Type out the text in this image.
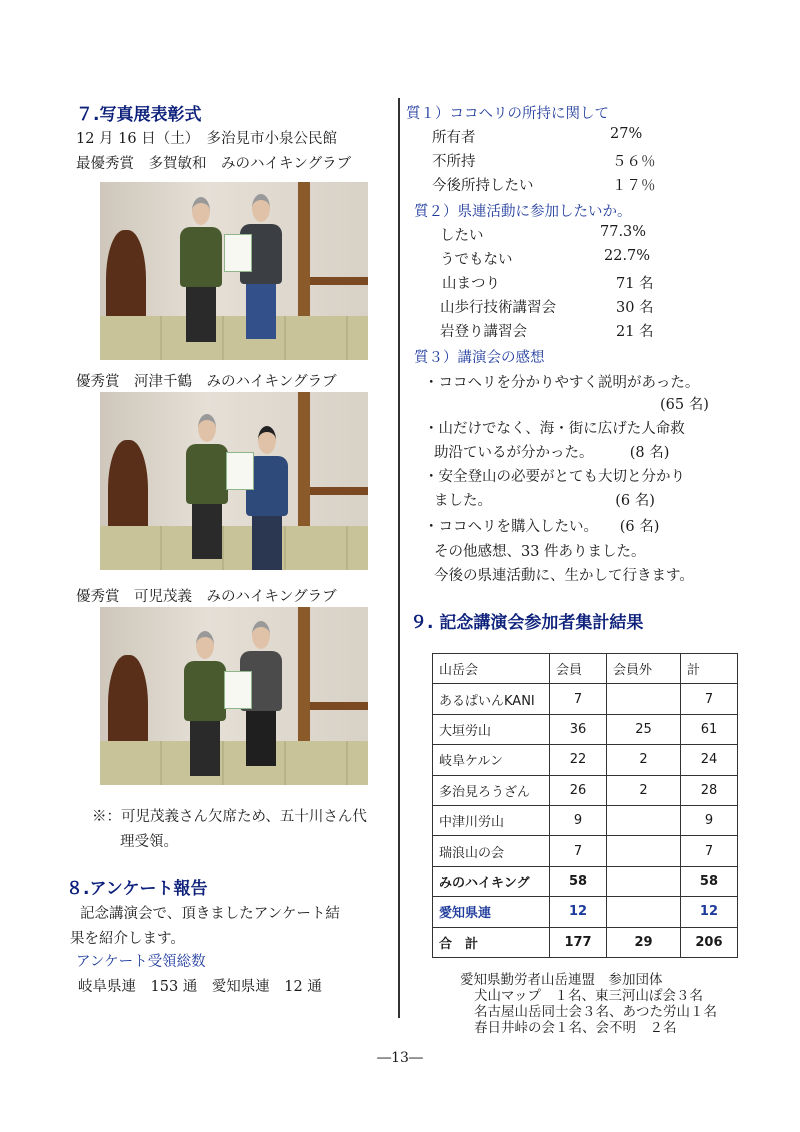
７.写真展表彰式
12 月 16 日（土）　多治見市小泉公民館
最優秀賞　多賀敏和　みのハイキングラブ
優秀賞　河津千鶴　みのハイキングラブ
優秀賞　可児茂義　みのハイキングラブ
※：可児茂義さん欠席ため、五十川さん代
理受領。
８.アンケート報告
記念講演会で、頂きましたアンケート結
果を紹介します。
アンケート受領総数
岐阜県連　153 通　愛知県連　12 通
質１）ココヘリの所持に関して
所有者	27%
不所持	５６％
今後所持したい	１７％
質２）県連活動に参加したいか。
したい	77.3%
うでもない	22.7%
山まつり	71 名
山歩行技術講習会	30 名
岩登り講習会	21 名
質３）講演会の感想
・ココヘリを分かりやすく説明があった。
(65 名)
・山だけでなく、海・街に広げた人命救
助沿ているが分かった。　　　(8 名)
・安全登山の必要がとても大切と分かり
ました。　　　　　　　　　(6 名)
・ココヘリを購入したい。　　(6 名)
その他感想、33 件ありました。
今後の県連活動に、生かして行きます。
９. 記念講演会参加者集計結果
山岳会	会員	会員外	計
あるぱいんKANI	7		7
大垣労山	36	25	61
岐阜ケルン	22	2	24
多治見ろうざん	26	2	28
中津川労山	9		9
瑞浪山の会	7		7
みのハイキング	58		58
愛知県連	12		12
合　計	177	29	206
愛知県勤労者山岳連盟　参加団体
犬山マップ　１名、東三河山ぽ会３名
名古屋山岳同士会３名、あつた労山１名
春日井峠の会１名、会不明　２名
―13―
